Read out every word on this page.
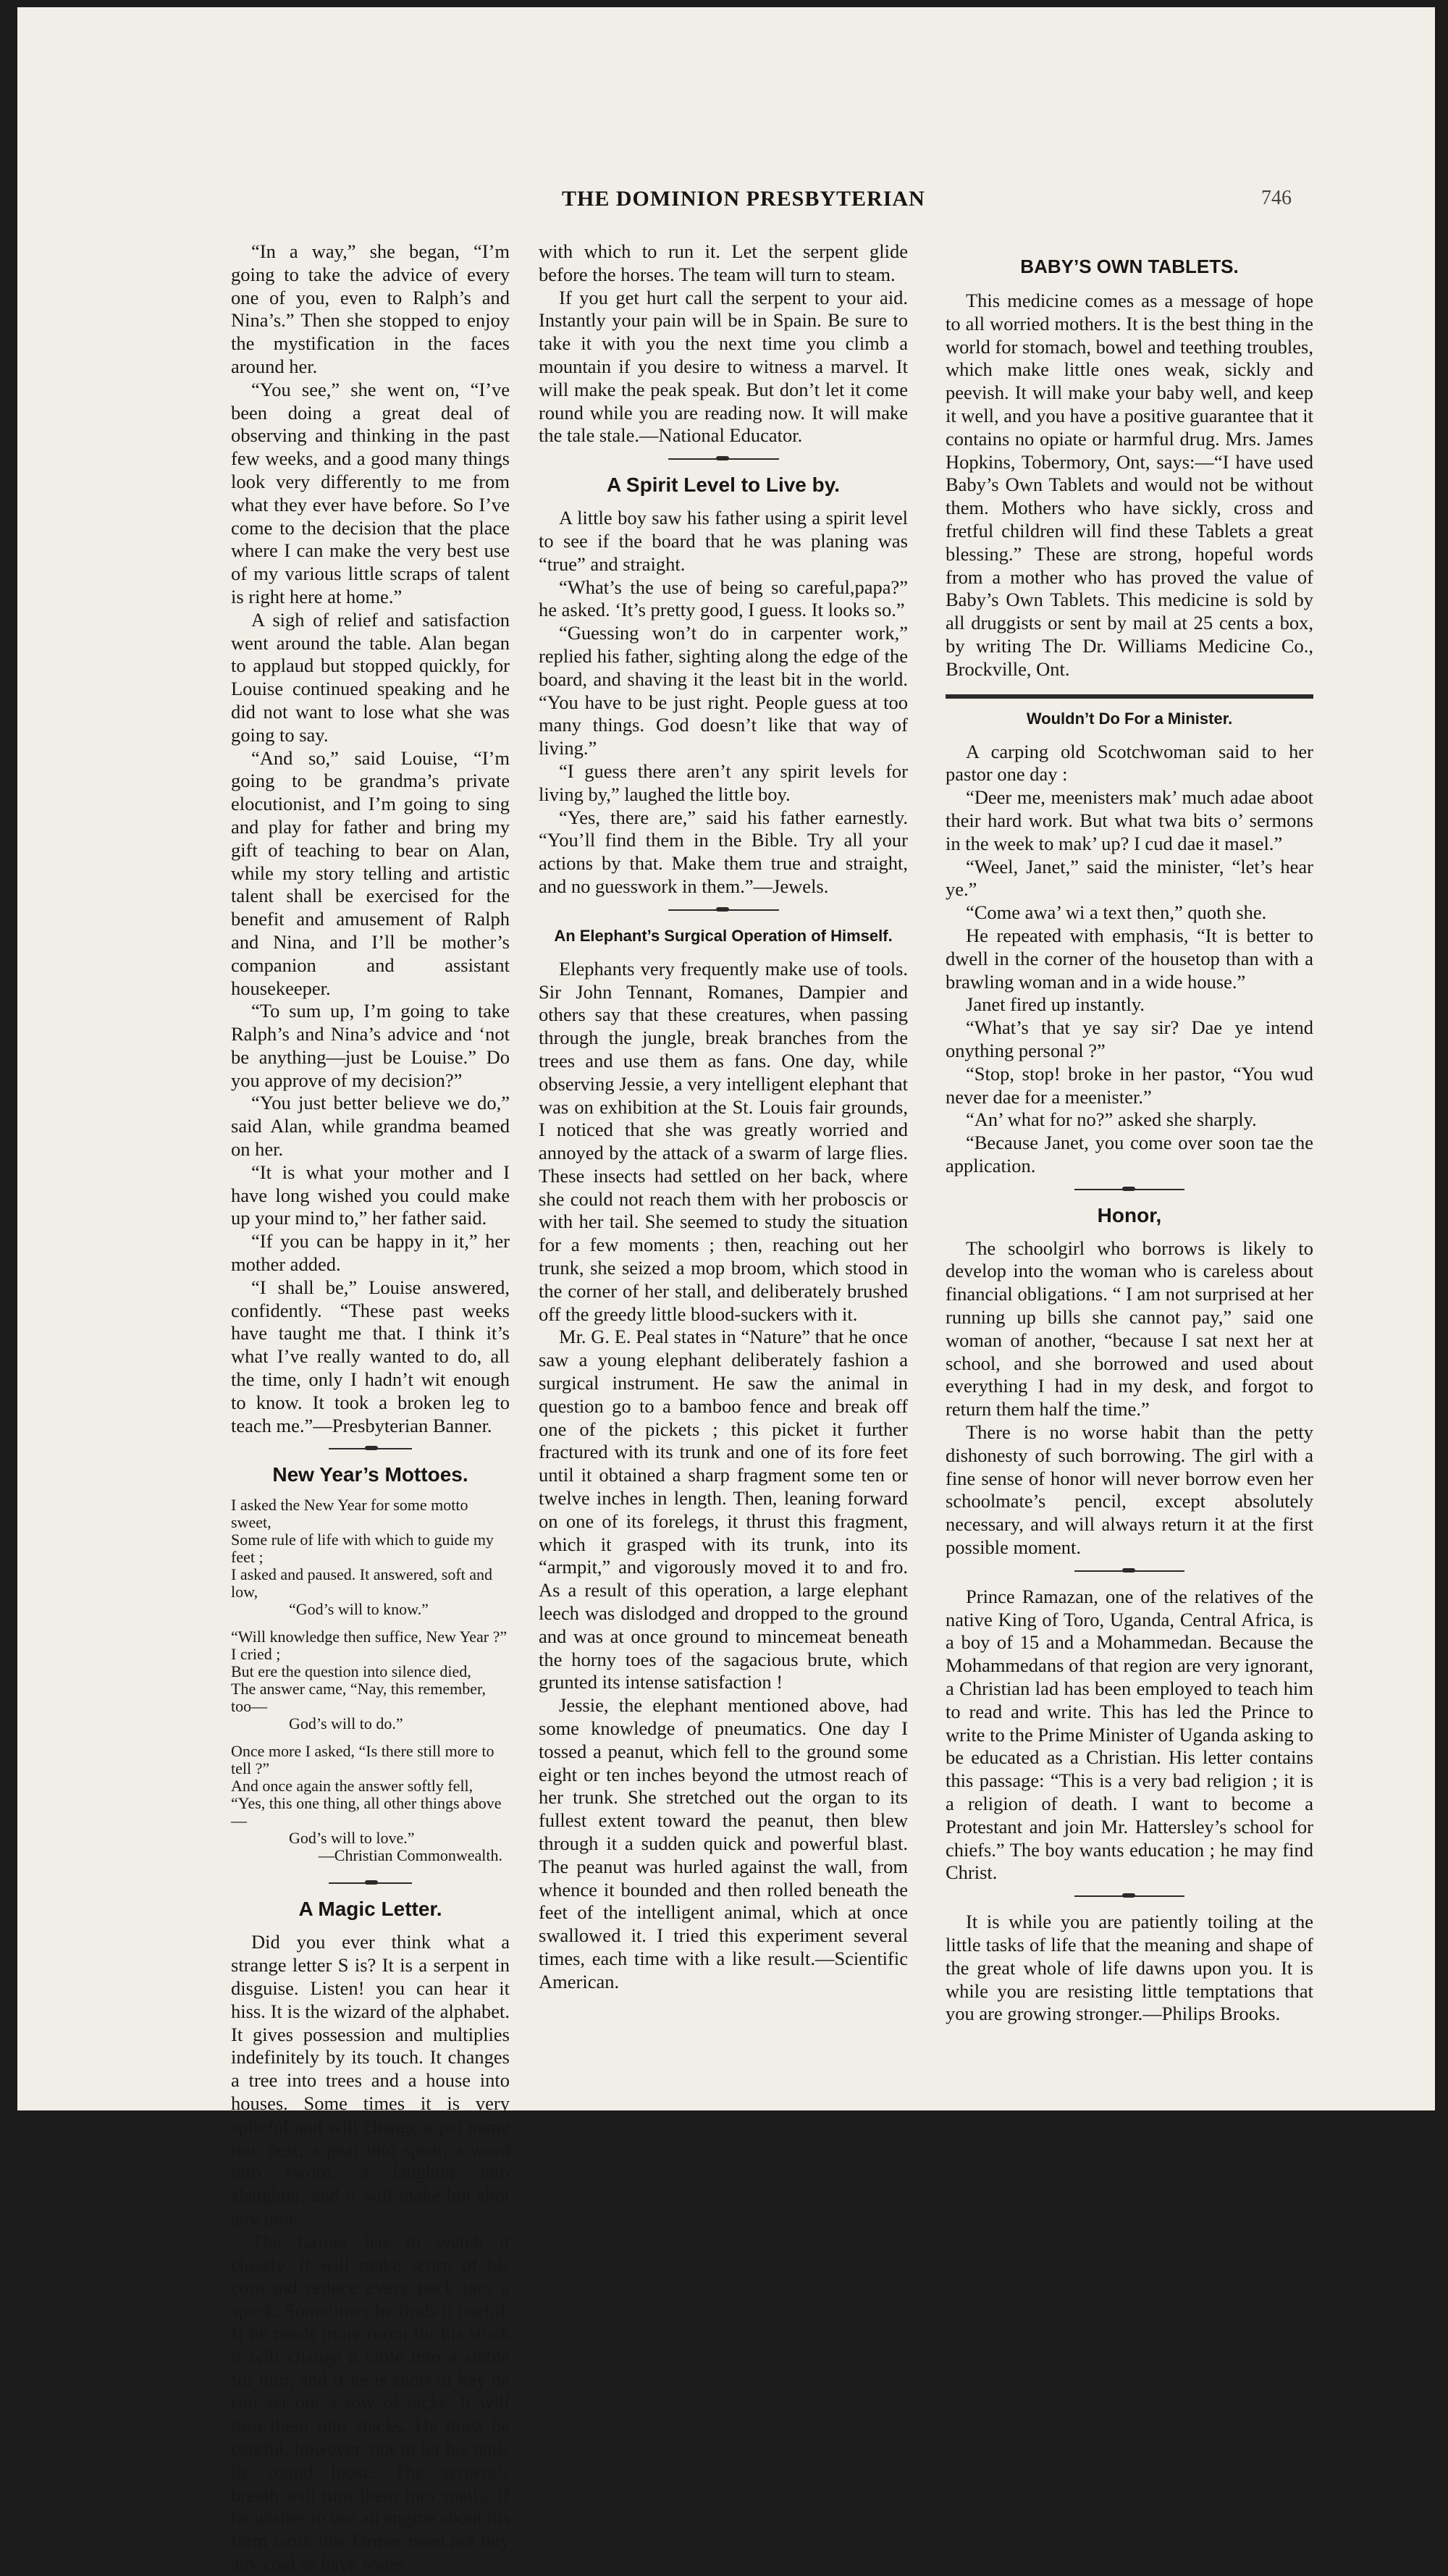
THE DOMINION PRESBYTERIAN	746

“In a way,” she began, “I’m going to take the advice of every one of you, even to Ralph’s and Nina’s.” Then she stopped to enjoy the mystification in the faces around her.

“You see,” she went on, “I’ve been doing a great deal of observing and thinking in the past few weeks, and a good many things look very differently to me from what they ever have before. So I’ve come to the decision that the place where I can make the very best use of my various little scraps of talent is right here at home.”

A sigh of relief and satisfaction went around the table. Alan began to applaud but stopped quickly, for Louise continued speaking and he did not want to lose what she was going to say.

“And so,” said Louise, “I’m going to be grandma’s private elocutionist, and I’m going to sing and play for father and bring my gift of teaching to bear on Alan, while my story telling and artistic talent shall be exercised for the benefit and amusement of Ralph and Nina, and I’ll be mother’s companion and assistant housekeeper.

“To sum up, I’m going to take Ralph’s and Nina’s advice and ‘not be anything—just be Louise.” Do you approve of my decision?”

“You just better believe we do,” said Alan, while grandma beamed on her.

“It is what your mother and I have long wished you could make up your mind to,” her father said.

“If you can be happy in it,” her mother added.

“I shall be,” Louise answered, confidently. “These past weeks have taught me that. I think it’s what I’ve really wanted to do, all the time, only I hadn’t wit enough to know. It took a broken leg to teach me.”—Presbyterian Banner.

New Year’s Mottoes.
I asked the New Year for some motto sweet,
Some rule of life with which to guide my feet ;
I asked and paused. It answered, soft and low,
“God’s will to know.”
“Will knowledge then suffice, New Year ?” I cried ;
But ere the question into silence died,
The answer came, “Nay, this remember, too—
God’s will to do.”
Once more I asked, “Is there still more to tell ?”
And once again the answer softly fell,
“Yes, this one thing, all other things above—
God’s will to love.”
—Christian Commonwealth.
A Magic Letter.

Did you ever think what a strange letter S is? It is a serpent in disguise. Listen! you can hear it hiss. It is the wizard of the alphabet. It gives possession and multiplies indefinitely by its touch. It changes a tree into trees and a house into houses. Some times it is very spiteful and will change a pet name into pest, a pear into spear, a word into sword, a laughter into slaughter, and it will make hot shot any time.

The farmer has to watch it closely. It will make scorn of his corn,and reduce every peck into a speck. Sometimes he finds it useful. If he needs more room for his stock it will change a table into a stable for him, and if he is short of hay he can set out a row of tacks. It will turn them into stacks. He must be careful, however, not to let his nails lie round loose. The serpent’s breath will turn them into snails. If he wishes to use an engine about his farm work this farmer need not buy any coal or have water

with which to run it. Let the serpent glide before the horses. The team will turn to steam.

If you get hurt call the serpent to your aid. Instantly your pain will be in Spain. Be sure to take it with you the next time you climb a mountain if you desire to witness a marvel. It will make the peak speak. But don’t let it come round while you are reading now. It will make the tale stale.—National Educator.

A Spirit Level to Live by.

A little boy saw his father using a spirit level to see if the board that he was planing was “true” and straight.

“What’s the use of being so careful,papa?” he asked. ‘It’s pretty good, I guess. It looks so.”

“Guessing won’t do in carpenter work,” replied his father, sighting along the edge of the board, and shaving it the least bit in the world. “You have to be just right. People guess at too many things. God doesn’t like that way of living.”

“I guess there aren’t any spirit levels for living by,” laughed the little boy.

“Yes, there are,” said his father earnestly. “You’ll find them in the Bible. Try all your actions by that. Make them true and straight, and no guesswork in them.”—Jewels.

An Elephant’s Surgical Operation of Himself.

Elephants very frequently make use of tools. Sir John Tennant, Romanes, Dampier and others say that these creatures, when passing through the jungle, break branches from the trees and use them as fans. One day, while observing Jessie, a very intelligent elephant that was on exhibition at the St. Louis fair grounds, I noticed that she was greatly worried and annoyed by the attack of a swarm of large flies. These insects had settled on her back, where she could not reach them with her proboscis or with her tail. She seemed to study the situation for a few moments ; then, reaching out her trunk, she seized a mop broom, which stood in the corner of her stall, and deliberately brushed off the greedy little blood-suckers with it.

Mr. G. E. Peal states in “Nature” that he once saw a young elephant deliberately fashion a surgical instrument. He saw the animal in question go to a bamboo fence and break off one of the pickets ; this picket it further fractured with its trunk and one of its fore feet until it obtained a sharp fragment some ten or twelve inches in length. Then, leaning forward on one of its forelegs, it thrust this fragment, which it grasped with its trunk, into its “armpit,” and vigorously moved it to and fro. As a result of this operation, a large elephant leech was dislodged and dropped to the ground and was at once ground to mincemeat beneath the horny toes of the sagacious brute, which grunted its intense satisfaction !

Jessie, the elephant mentioned above, had some knowledge of pneumatics. One day I tossed a peanut, which fell to the ground some eight or ten inches beyond the utmost reach of her trunk. She stretched out the organ to its fullest extent toward the peanut, then blew through it a sudden quick and powerful blast. The peanut was hurled against the wall, from whence it bounded and then rolled beneath the feet of the intelligent animal, which at once swallowed it. I tried this experiment several times, each time with a like result.—Scientific American.

BABY’S OWN TABLETS.

This medicine comes as a message of hope to all worried mothers. It is the best thing in the world for stomach, bowel and teething troubles, which make little ones weak, sickly and peevish. It will make your baby well, and keep it well, and you have a positive guarantee that it contains no opiate or harmful drug. Mrs. James Hopkins, Tobermory, Ont, says:—“I have used Baby’s Own Tablets and would not be without them. Mothers who have sickly, cross and fretful children will find these Tablets a great blessing.” These are strong, hopeful words from a mother who has proved the value of Baby’s Own Tablets. This medicine is sold by all druggists or sent by mail at 25 cents a box, by writing The Dr. Williams Medicine Co., Brockville, Ont.

Wouldn’t Do For a Minister.

A carping old Scotchwoman said to her pastor one day :

“Deer me, meenisters mak’ much adae aboot their hard work. But what twa bits o’ sermons in the week to mak’ up? I cud dae it masel.”

“Weel, Janet,” said the minister, “let’s hear ye.”

“Come awa’ wi a text then,” quoth she.

He repeated with emphasis, “It is better to dwell in the corner of the housetop than with a brawling woman and in a wide house.”

Janet fired up instantly.

“What’s that ye say sir? Dae ye intend onything personal ?”

“Stop, stop! broke in her pastor, “You wud never dae for a meenister.”

“An’ what for no?” asked she sharply.

“Because Janet, you come over soon tae the application.

Honor,

The schoolgirl who borrows is likely to develop into the woman who is careless about financial obligations. “ I am not surprised at her running up bills she cannot pay,” said one woman of another, “because I sat next her at school, and she borrowed and used about everything I had in my desk, and forgot to return them half the time.”

There is no worse habit than the petty dishonesty of such borrowing. The girl with a fine sense of honor will never borrow even her schoolmate’s pencil, except absolutely necessary, and will always return it at the first possible moment.

Prince Ramazan, one of the relatives of the native King of Toro, Uganda, Central Africa, is a boy of 15 and a Mohammedan. Because the Mohammedans of that region are very ignorant, a Christian lad has been employed to teach him to read and write. This has led the Prince to write to the Prime Minister of Uganda asking to be educated as a Christian. His letter contains this passage: “This is a very bad religion ; it is a religion of death. I want to become a Protestant and join Mr. Hattersley’s school for chiefs.” The boy wants education ; he may find Christ.

It is while you are patiently toiling at the little tasks of life that the meaning and shape of the great whole of life dawns upon you. It is while you are resisting little temptations that you are growing stronger.—Philips Brooks.
